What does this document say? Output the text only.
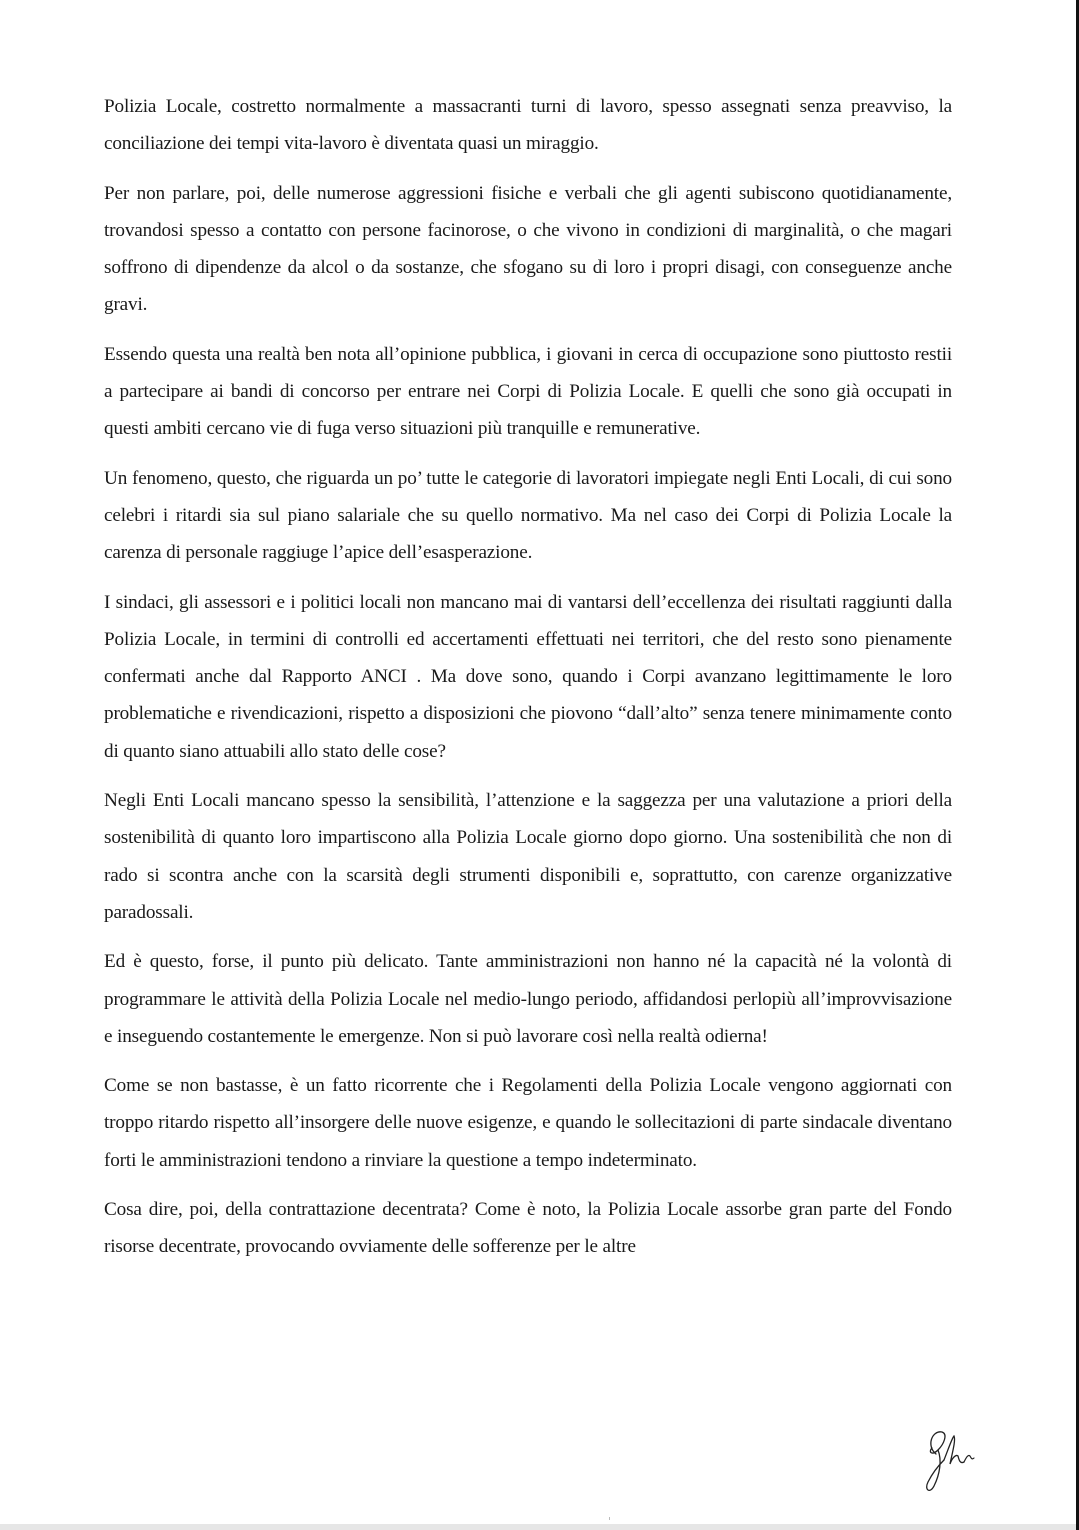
Polizia Locale, costretto normalmente a massacranti turni di lavoro, spesso assegnati senza preavviso, la conciliazione dei tempi vita-lavoro è diventata quasi un miraggio.

Per non parlare, poi, delle numerose aggressioni fisiche e verbali che gli agenti subiscono quotidianamente, trovandosi spesso a contatto con persone facinorose, o che vivono in condizioni di marginalità, o che magari soffrono di dipendenze da alcol o da sostanze, che sfogano su di loro i propri disagi, con conseguenze anche gravi.

Essendo questa una realtà ben nota all’opinione pubblica, i giovani in cerca di occupazione sono piuttosto restii a partecipare ai bandi di concorso per entrare nei Corpi di Polizia Locale. E quelli che sono già occupati in questi ambiti cercano vie di fuga verso situazioni più tranquille e remunerative.

Un fenomeno, questo, che riguarda un po’ tutte le categorie di lavoratori impiegate negli Enti Locali, di cui sono celebri i ritardi sia sul piano salariale che su quello normativo. Ma nel caso dei Corpi di Polizia Locale la carenza di personale raggiuge l’apice dell’esasperazione.

I sindaci, gli assessori e i politici locali non mancano mai di vantarsi dell’eccellenza dei risultati raggiunti dalla Polizia Locale, in termini di controlli ed accertamenti effettuati nei territori, che del resto sono pienamente confermati anche dal Rapporto ANCI . Ma dove sono, quando i Corpi avanzano legittimamente le loro problematiche e rivendicazioni, rispetto a disposizioni che piovono “dall’alto” senza tenere minimamente conto di quanto siano attuabili allo stato delle cose?

Negli Enti Locali mancano spesso la sensibilità, l’attenzione e la saggezza per una valutazione a priori della sostenibilità di quanto loro impartiscono alla Polizia Locale giorno dopo giorno. Una sostenibilità che non di rado si scontra anche con la scarsità degli strumenti disponibili e, soprattutto, con carenze organizzative paradossali.

Ed è questo, forse, il punto più delicato. Tante amministrazioni non hanno né la capacità né la volontà di programmare le attività della Polizia Locale nel medio-lungo periodo, affidandosi perlopiù all’improvvisazione e inseguendo costantemente le emergenze. Non si può lavorare così nella realtà odierna!

Come se non bastasse, è un fatto ricorrente che i Regolamenti della Polizia Locale vengono aggiornati con troppo ritardo rispetto all’insorgere delle nuove esigenze, e quando le sollecitazioni di parte sindacale diventano forti le amministrazioni tendono a rinviare la questione a tempo indeterminato.

Cosa dire, poi, della contrattazione decentrata? Come è noto, la Polizia Locale assorbe gran parte del Fondo risorse decentrate, provocando ovviamente delle sofferenze per le altre
